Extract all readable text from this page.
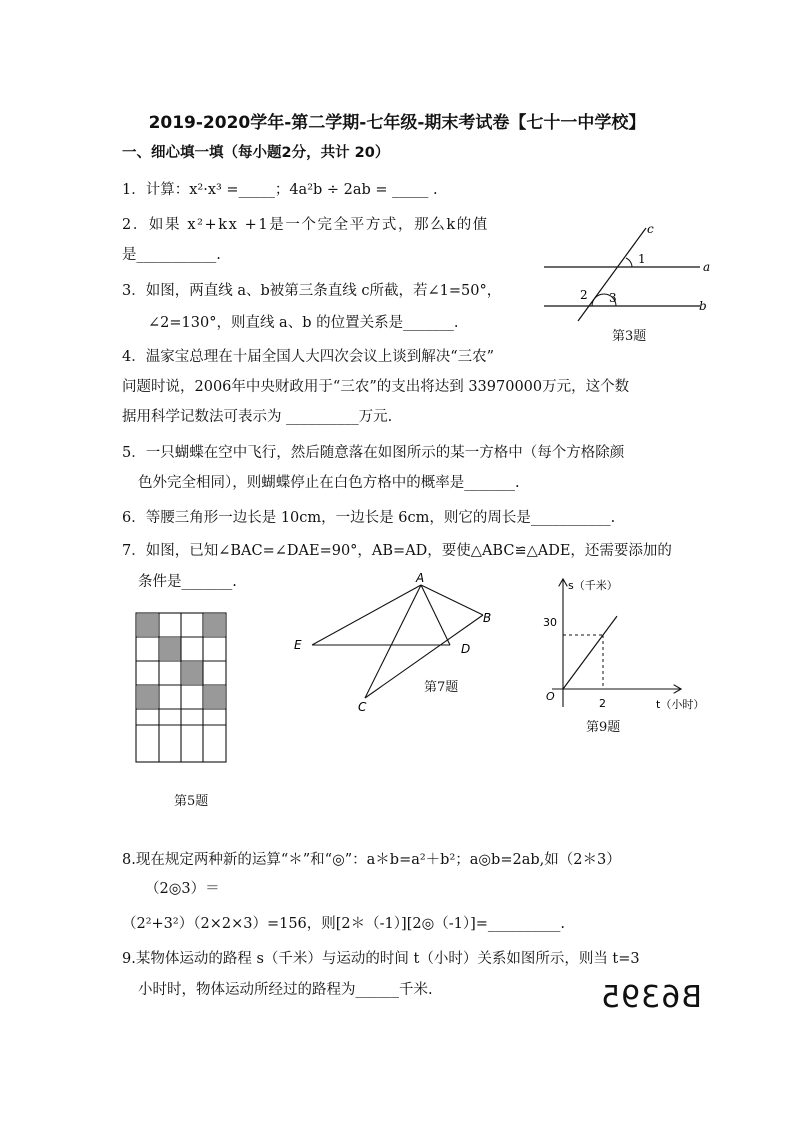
2019-2020学年-第二学期-七年级-期末考试卷【七十一中学校】
一、细心填一填（每小题2分，共计 20）
1．计算：x²·x³ =_____；4a²b ÷ 2ab = _____ .
2．如果 x²+kx +1是一个完全平方式，那么k的值
是___________.
3．如图，两直线 a、b被第三条直线 c所截，若∠1=50°，
∠2=130°，则直线 a、b 的位置关系是_______.
4．温家宝总理在十届全国人大四次会议上谈到解决“三农”
问题时说，2006年中央财政用于“三农”的支出将达到 33970000万元，这个数
据用科学记数法可表示为 __________万元.
5．一只蝴蝶在空中飞行，然后随意落在如图所示的某一方格中（每个方格除颜
色外完全相同），则蝴蝶停止在白色方格中的概率是_______.
6．等腰三角形一边长是 10cm，一边长是 6cm，则它的周长是___________.
7．如图，已知∠BAC=∠DAE=90°，AB=AD，要使△ABC≌△ADE，还需要添加的
条件是_______.
c
a
b
1
2 3
第3题
第5题
A
B
C
D
E
第7题
s（千米）
t（小时）
O
30
2
第9题
8.现在规定两种新的运算“＊”和“◎”：a＊b=a²＋b²；a◎b=2ab,如（2＊3）
（2◎3）＝
（2²+3²）（2×2×3）=156，则[2＊（-1）][2◎（-1）]=__________.
9.某物体运动的路程 s（千米）与运动的时间 t（小时）关系如图所示，则当 t=3
小时时，物体运动所经过的路程为______千米.	B6395
